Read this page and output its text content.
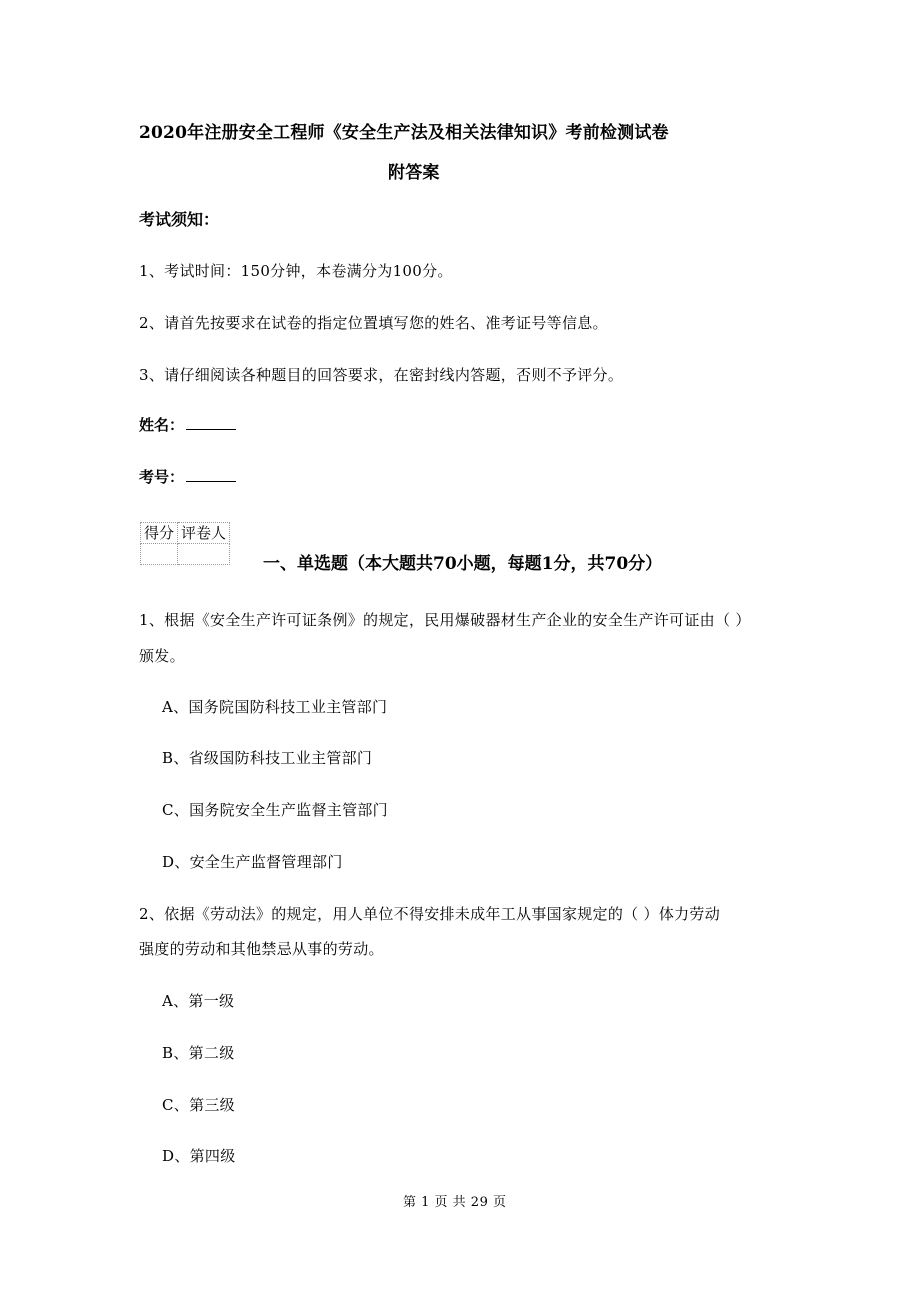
2020年注册安全工程师《安全生产法及相关法律知识》考前检测试卷
附答案
考试须知：
1、考试时间：150分钟，本卷满分为100分。
2、请首先按要求在试卷的指定位置填写您的姓名、准考证号等信息。
3、请仔细阅读各种题目的回答要求，在密封线内答题，否则不予评分。
姓名：
考号：
得分	评卷人

一、单选题（本大题共70小题，每题1分，共70分）
1、根据《安全生产许可证条例》的规定，民用爆破器材生产企业的安全生产许可证由（ ）
颁发。
A、国务院国防科技工业主管部门
B、省级国防科技工业主管部门
C、国务院安全生产监督主管部门
D、安全生产监督管理部门
2、依据《劳动法》的规定，用人单位不得安排未成年工从事国家规定的（ ）体力劳动
强度的劳动和其他禁忌从事的劳动。
A、第一级
B、第二级
C、第三级
D、第四级
第 1 页 共 29 页
